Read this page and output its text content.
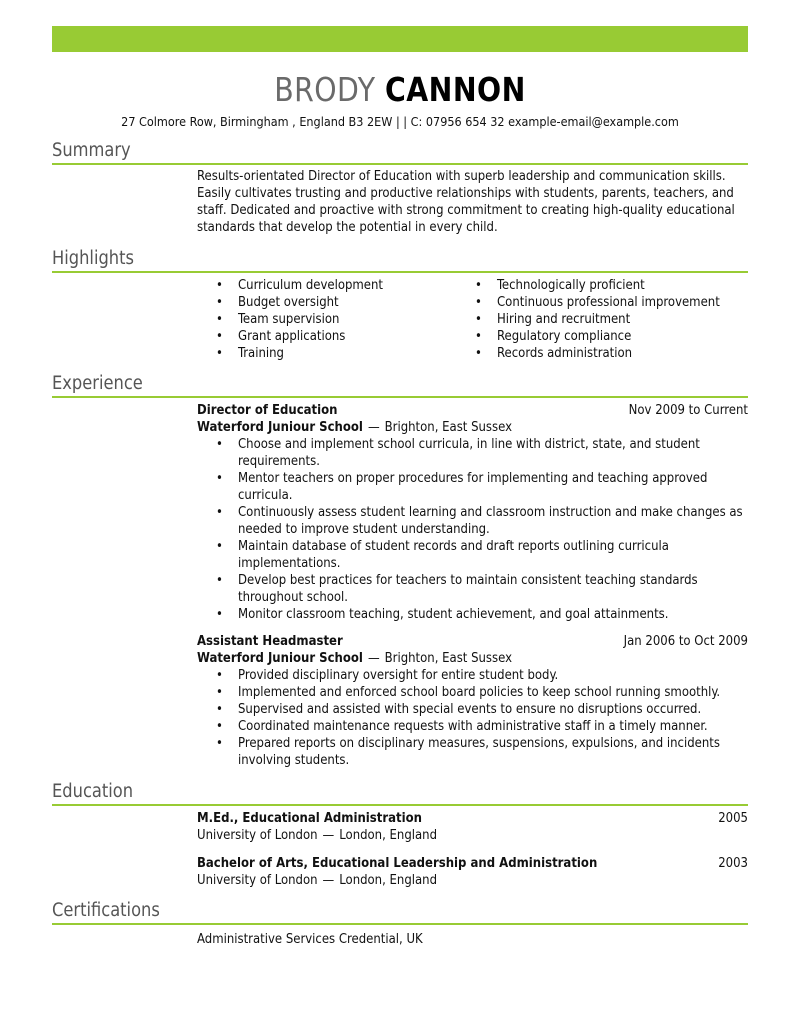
BRODY CANNON
27 Colmore Row, Birmingham , England B3 2EW | | C: 07956 654 32 example-email@example.com
Summary
Results-orientated Director of Education with superb leadership and communication skills. Easily cultivates trusting and productive relationships with students, parents, teachers, and staff. Dedicated and proactive with strong commitment to creating high-quality educational standards that develop the potential in every child.
Highlights
• Curriculum development
• Budget oversight
• Team supervision
• Grant applications
• Training
• Technologically proficient
• Continuous professional improvement
• Hiring and recruitment
• Regulatory compliance
• Records administration
Experience
Director of Education	Nov 2009 to Current
Waterford Juniour School — Brighton, East Sussex
• Choose and implement school curricula, in line with district, state, and student requirements.
• Mentor teachers on proper procedures for implementing and teaching approved curricula.
• Continuously assess student learning and classroom instruction and make changes as needed to improve student understanding.
• Maintain database of student records and draft reports outlining curricula implementations.
• Develop best practices for teachers to maintain consistent teaching standards throughout school.
• Monitor classroom teaching, student achievement, and goal attainments.
Assistant Headmaster	Jan 2006 to Oct 2009
Waterford Juniour School — Brighton, East Sussex
• Provided disciplinary oversight for entire student body.
• Implemented and enforced school board policies to keep school running smoothly.
• Supervised and assisted with special events to ensure no disruptions occurred.
• Coordinated maintenance requests with administrative staff in a timely manner.
• Prepared reports on disciplinary measures, suspensions, expulsions, and incidents involving students.
Education
M.Ed., Educational Administration	2005
University of London — London, England
Bachelor of Arts, Educational Leadership and Administration	2003
University of London — London, England
Certifications
Administrative Services Credential, UK
